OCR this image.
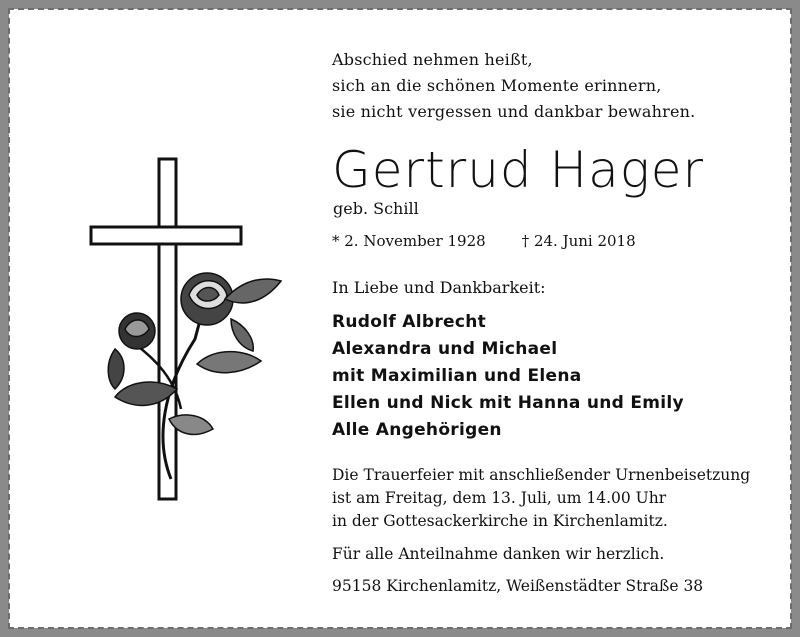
Abschied nehmen heißt,
sich an die schönen Momente erinnern,
sie nicht vergessen und dankbar bewahren.
Gertrud Hager
geb. Schill
* 2. November 1928 † 24. Juni 2018
In Liebe und Dankbarkeit:
Rudolf Albrecht
Alexandra und Michael
mit Maximilian und Elena
Ellen und Nick mit Hanna und Emily
Alle Angehörigen
Die Trauerfeier mit anschließender Urnenbeisetzung
ist am Freitag, dem 13. Juli, um 14.00 Uhr
in der Gottesackerkirche in Kirchenlamitz.
Für alle Anteilnahme danken wir herzlich.
95158 Kirchenlamitz, Weißenstädter Straße 38
